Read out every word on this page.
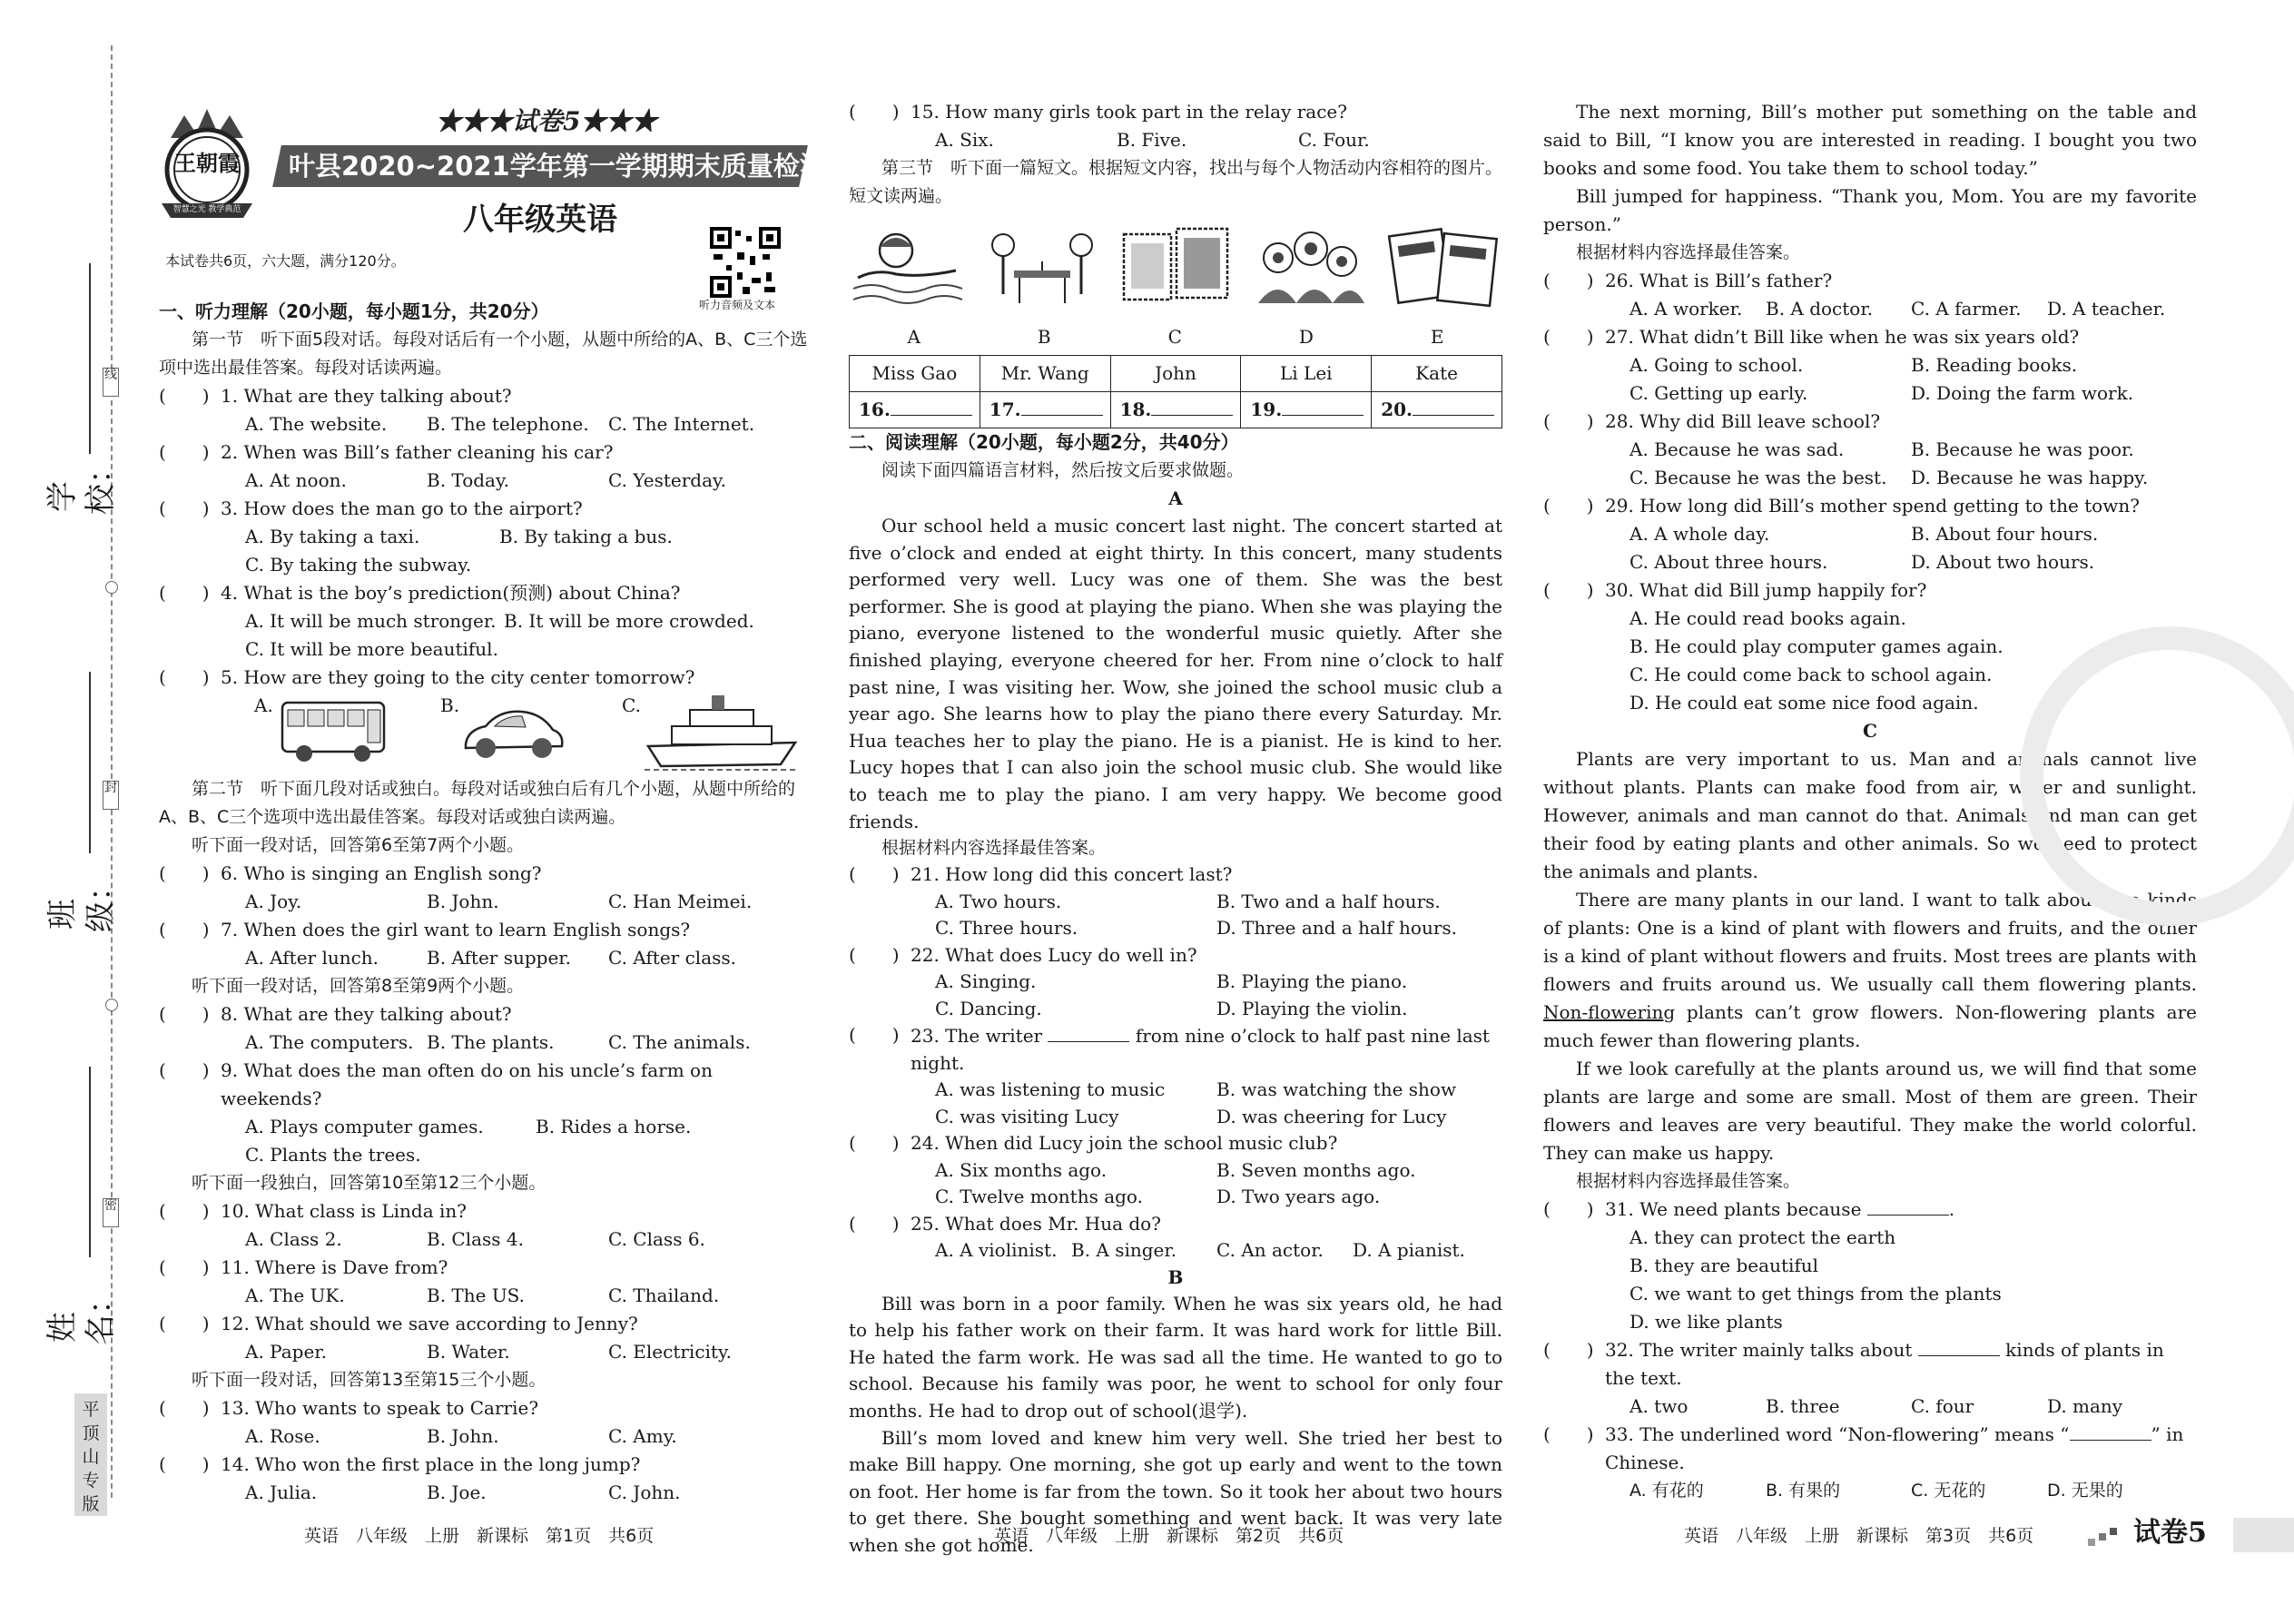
线
封
密
学校：
班级：
姓名：
平顶山专版
王朝霞
智慧之光 教学典范
★★★试卷5★★★
叶县2020~2021学年第一学期期末质量检测试卷
八年级英语
本试卷共6页，六大题，满分120分。
听力音频及文本
一、听力理解（20小题，每小题1分，共20分）
第一节　听下面5段对话。每段对话后有一个小题，从题中所给的A、B、C三个选项中选出最佳答案。每段对话读两遍。
(　　) 1. What are they talking about?
A. The website.	B. The telephone.	C. The Internet.
(　　) 2. When was Bill’s father cleaning his car?
A. At noon.	B. Today.	C. Yesterday.
(　　) 3. How does the man go to the airport?
A. By taking a taxi.	B. By taking a bus.
C. By taking the subway.
(　　) 4. What is the boy’s prediction(预测) about China?
A. It will be much stronger. B. It will be more crowded.
C. It will be more beautiful.
(　　) 5. How are they going to the city center tomorrow?
A.	B.	C.
第二节　听下面几段对话或独白。每段对话或独白后有几个小题，从题中所给的A、B、C三个选项中选出最佳答案。每段对话或独白读两遍。
听下面一段对话，回答第6至第7两个小题。
(　　) 6. Who is singing an English song?
A. Joy.	B. John.	C. Han Meimei.
(　　) 7. When does the girl want to learn English songs?
A. After lunch.	B. After supper.	C. After class.
听下面一段对话，回答第8至第9两个小题。
(　　) 8. What are they talking about?
A. The computers. B. The plants.	C. The animals.
(　　) 9. What does the man often do on his uncle’s farm on weekends?
A. Plays computer games.	B. Rides a horse.
C. Plants the trees.
听下面一段独白，回答第10至第12三个小题。
(　　) 10. What class is Linda in?
A. Class 2.	B. Class 4.	C. Class 6.
(　　) 11. Where is Dave from?
A. The UK.	B. The US.	C. Thailand.
(　　) 12. What should we save according to Jenny?
A. Paper.	B. Water.	C. Electricity.
听下面一段对话，回答第13至第15三个小题。
(　　) 13. Who wants to speak to Carrie?
A. Rose.	B. John.	C. Amy.
(　　) 14. Who won the first place in the long jump?
A. Julia.	B. Joe.	C. John.
(　　) 15. How many girls took part in the relay race?
A. Six.	B. Five.	C. Four.
第三节　听下面一篇短文。根据短文内容，找出与每个人物活动内容相符的图片。短文读两遍。
A	B	C	D	E
Miss Gao	Mr. Wang	John	Li Lei	Kate
16.	17.	18.	19.	20.
二、阅读理解（20小题，每小题2分，共40分）
阅读下面四篇语言材料，然后按文后要求做题。
A
Our school held a music concert last night. The concert started at five o’clock and ended at eight thirty. In this concert, many students performed very well. Lucy was one of them. She was the best performer. She is good at playing the piano. When she was playing the piano, everyone listened to the wonderful music quietly. After she finished playing, everyone cheered for her. From nine o’clock to half past nine, I was visiting her. Wow, she joined the school music club a year ago. She learns how to play the piano there every Saturday. Mr. Hua teaches her to play the piano. He is a pianist. He is kind to her. Lucy hopes that I can also join the school music club. She would like to teach me to play the piano. I am very happy. We become good friends.
根据材料内容选择最佳答案。
(　　) 21. How long did this concert last?
A. Two hours.	B. Two and a half hours.
C. Three hours.	D. Three and a half hours.
(　　) 22. What does Lucy do well in?
A. Singing.	B. Playing the piano.
C. Dancing.	D. Playing the violin.
(　　) 23. The writer	from nine o’clock to half past nine last night.
A. was listening to music	B. was watching the show
C. was visiting Lucy	D. was cheering for Lucy
(　　) 24. When did Lucy join the school music club?
A. Six months ago.	B. Seven months ago.
C. Twelve months ago.	D. Two years ago.
(　　) 25. What does Mr. Hua do?
A. A violinist. B. A singer.	C. An actor.	D. A pianist.
B
Bill was born in a poor family. When he was six years old, he had to help his father work on their farm. It was hard work for little Bill. He hated the farm work. He was sad all the time. He wanted to go to school. Because his family was poor, he went to school for only four months. He had to drop out of school(退学).
Bill’s mom loved and knew him very well. She tried her best to make Bill happy. One morning, she got up early and went to the town on foot. Her home is far from the town. So it took her about two hours to get there. She bought something and went back. It was very late when she got home.
The next morning, Bill’s mother put something on the table and said to Bill, “I know you are interested in reading. I bought you two books and some food. You take them to school today.”
Bill jumped for happiness. “Thank you, Mom. You are my favorite person.”
根据材料内容选择最佳答案。
(　　) 26. What is Bill’s father?
A. A worker.	B. A doctor.	C. A farmer.	D. A teacher.
(　　) 27. What didn’t Bill like when he was six years old?
A. Going to school.	B. Reading books.
C. Getting up early.	D. Doing the farm work.
(　　) 28. Why did Bill leave school?
A. Because he was sad.	B. Because he was poor.
C. Because he was the best.	D. Because he was happy.
(　　) 29. How long did Bill’s mother spend getting to the town?
A. A whole day.	B. About four hours.
C. About three hours.	D. About two hours.
(　　) 30. What did Bill jump happily for?
A. He could read books again.
B. He could play computer games again.
C. He could come back to school again.
D. He could eat some nice food again.
C
Plants are very important to us. Man and animals cannot live without plants. Plants can make food from air, water and sunlight. However, animals and man cannot do that. Animals and man can get their food by eating plants and other animals. So we need to protect the animals and plants.
There are many plants in our land. I want to talk about two kinds of plants: One is a kind of plant with flowers and fruits, and the other is a kind of plant without flowers and fruits. Most trees are plants with flowers and fruits around us. We usually call them flowering plants. Non-flowering plants can’t grow flowers. Non-flowering plants are much fewer than flowering plants.
If we look carefully at the plants around us, we will find that some plants are large and some are small. Most of them are green. Their flowers and leaves are very beautiful. They make the world colorful. They can make us happy.
根据材料内容选择最佳答案。
(　　) 31. We need plants because	.
A. they can protect the earth
B. they are beautiful
C. we want to get things from the plants
D. we like plants
(　　) 32. The writer mainly talks about	kinds of plants in the text.
A. two	B. three	C. four	D. many
(　　) 33. The underlined word “Non-flowering” means “	” in Chinese.
A. 有花的	B. 有果的	C. 无花的	D. 无果的
英语　八年级　上册　新课标　第1页　共6页	英语　八年级　上册　新课标　第2页　共6页	英语　八年级　上册　新课标　第3页　共6页	试卷5
